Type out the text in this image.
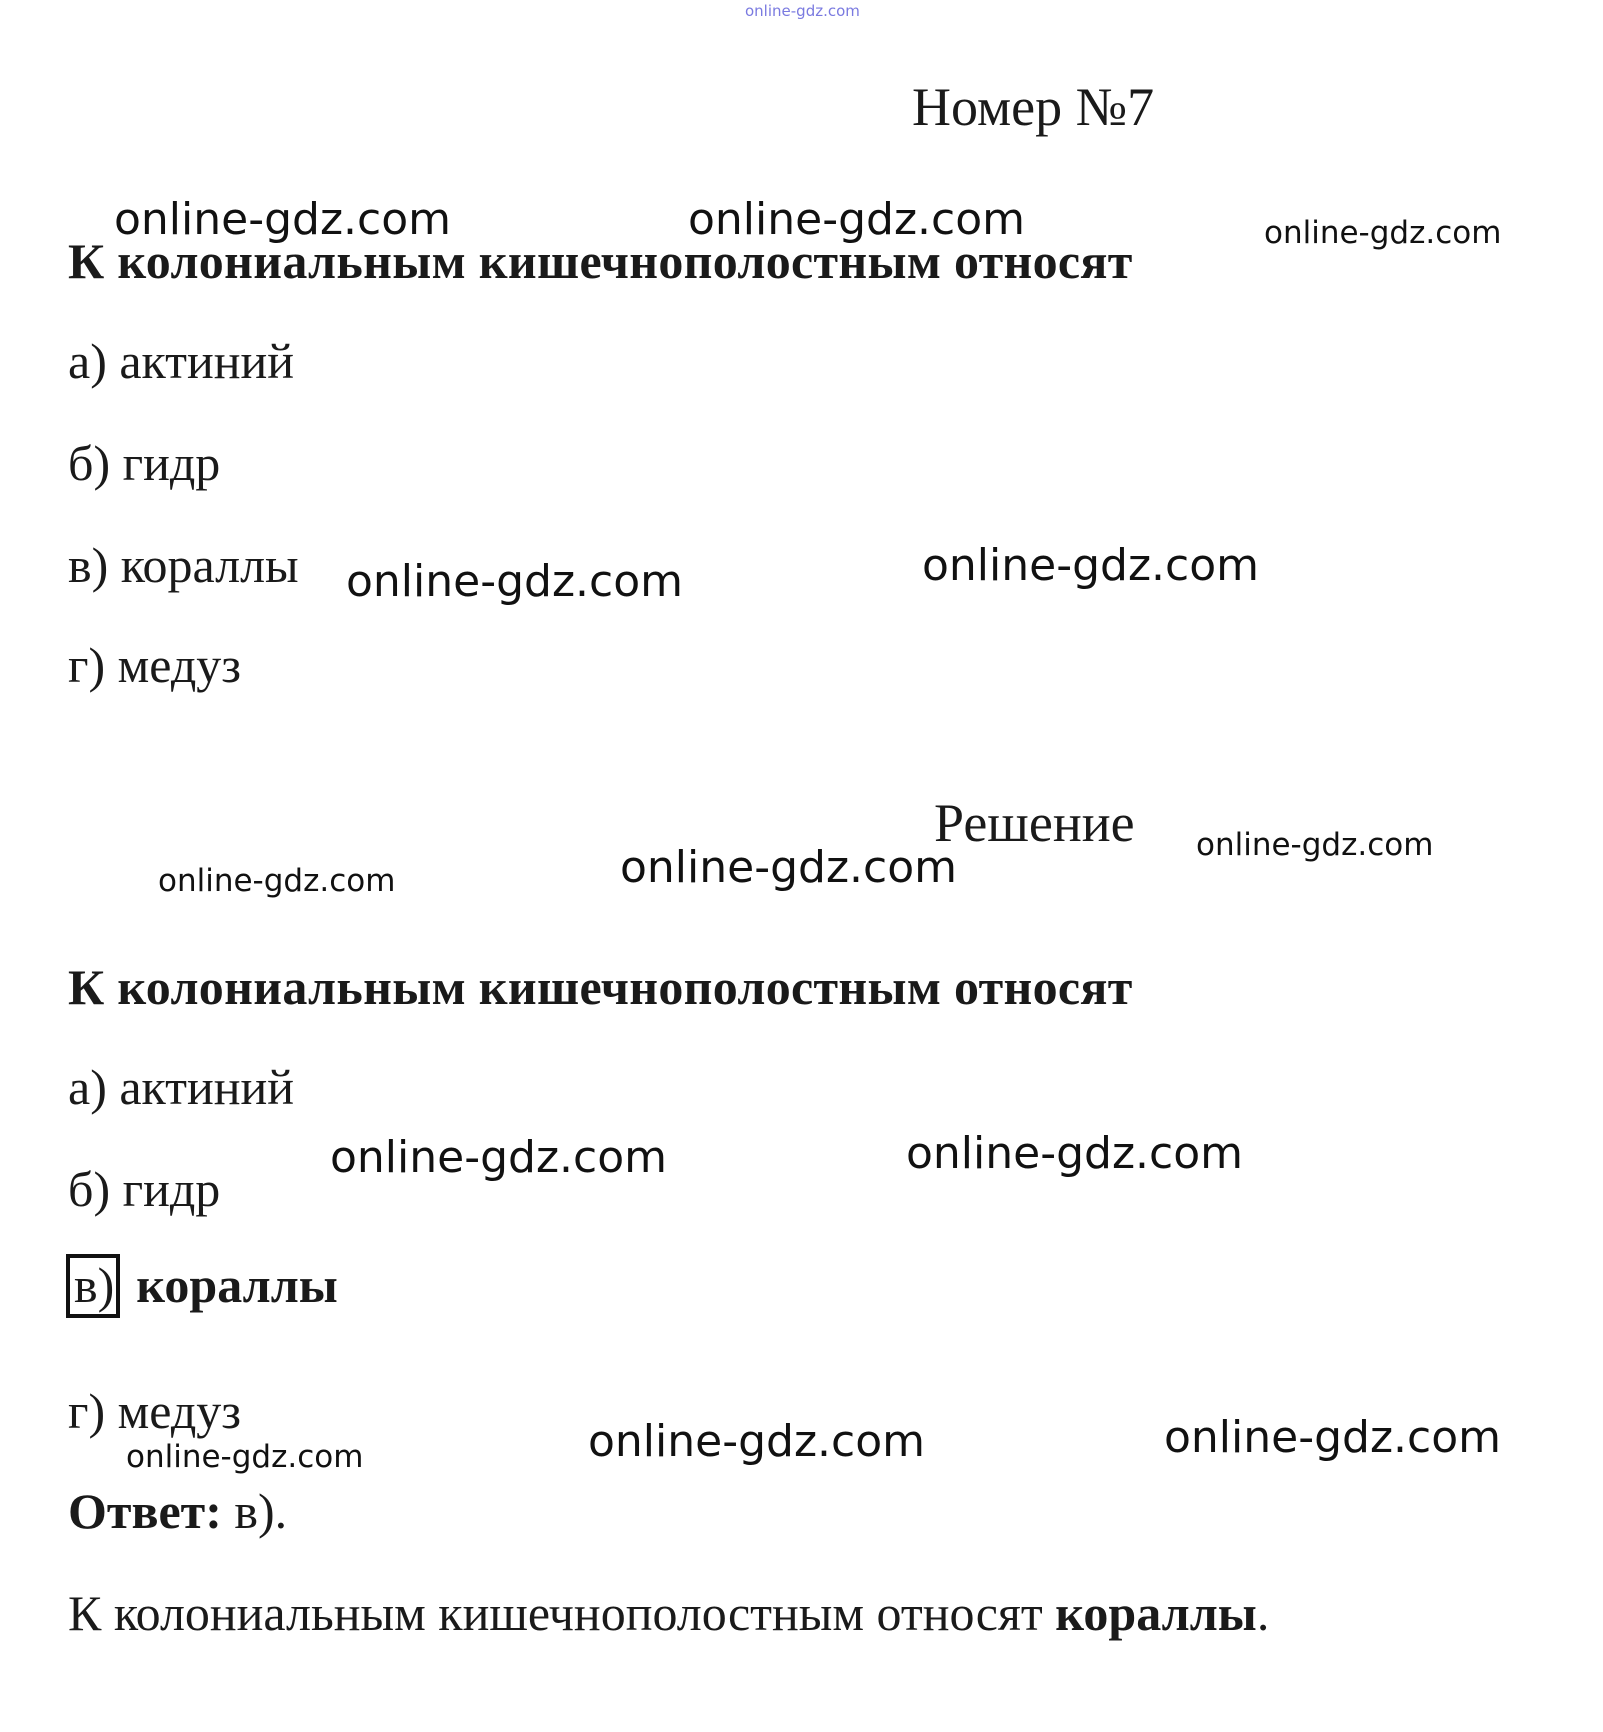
online-gdz.com
Номер №7
К колониальным кишечнополостным относят
а) актиний
б) гидр
в) кораллы
г) медуз
Решение
К колониальным кишечнополостным относят
а) актиний
б) гидр
в) кораллы
г) медуз
Ответ: в).
К колониальным кишечнополостным относят кораллы.
online-gdz.com	online-gdz.com	online-gdz.com
online-gdz.com	online-gdz.com
online-gdz.com
online-gdz.com
online-gdz.com
online-gdz.com	online-gdz.com
online-gdz.com	online-gdz.com	online-gdz.com
